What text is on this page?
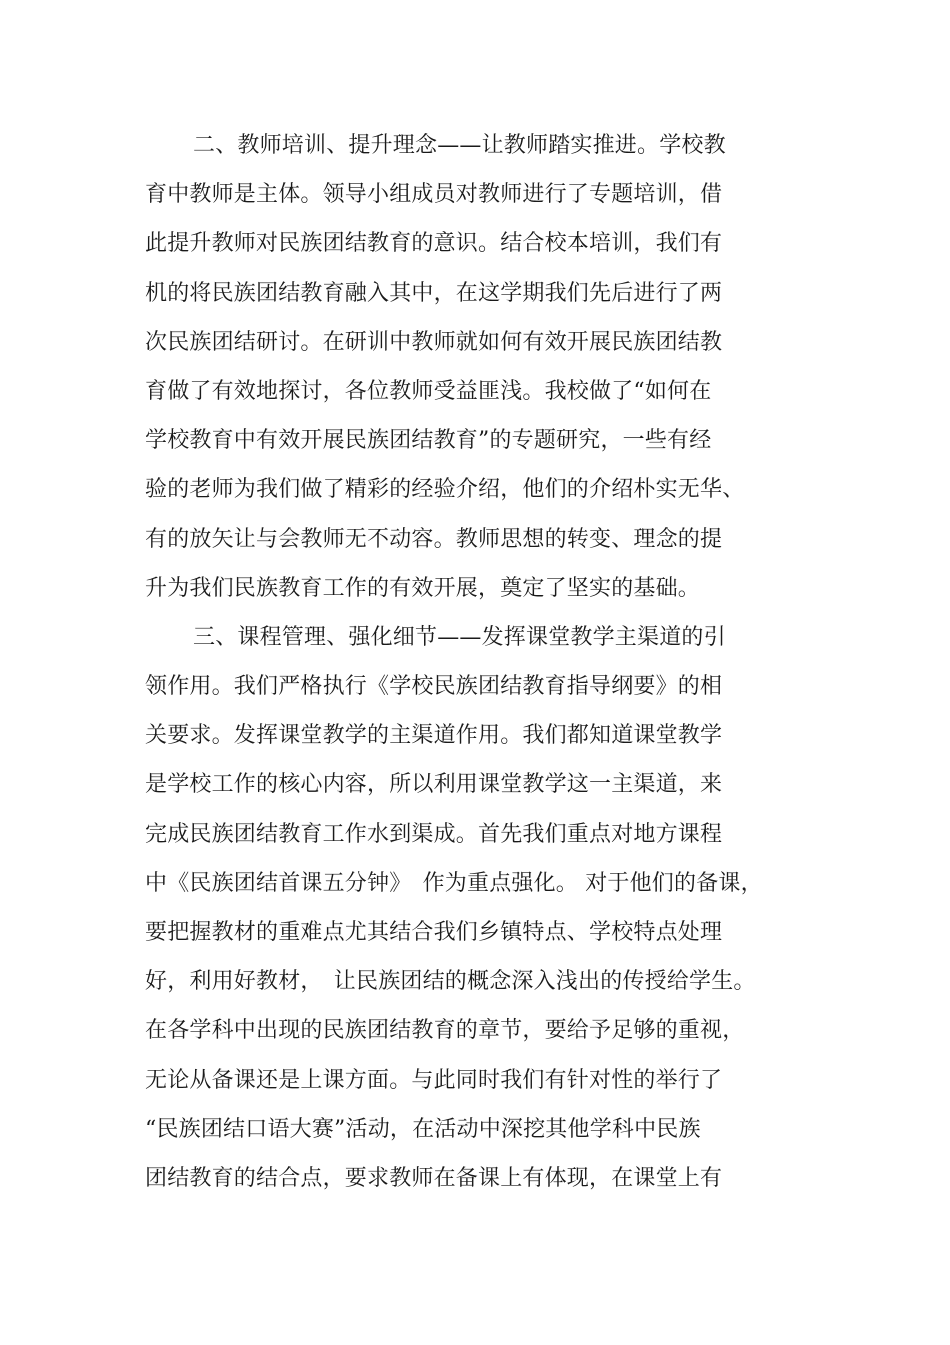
二、教师培训、提升理念——让教师踏实推进。学校教
育中教师是主体。领导小组成员对教师进行了专题培训，借
此提升教师对民族团结教育的意识。结合校本培训，我们有
机的将民族团结教育融入其中，在这学期我们先后进行了两
次民族团结研讨。在研训中教师就如何有效开展民族团结教
育做了有效地探讨，各位教师受益匪浅。我校做了“如何在
学校教育中有效开展民族团结教育”的专题研究，一些有经
验的老师为我们做了精彩的经验介绍，他们的介绍朴实无华、
有的放矢让与会教师无不动容。教师思想的转变、理念的提
升为我们民族教育工作的有效开展，奠定了坚实的基础。
三、课程管理、强化细节——发挥课堂教学主渠道的引
领作用。我们严格执行《学校民族团结教育指导纲要》的相
关要求。发挥课堂教学的主渠道作用。我们都知道课堂教学
是学校工作的核心内容，所以利用课堂教学这一主渠道，来
完成民族团结教育工作水到渠成。首先我们重点对地方课程
中《民族团结首课五分钟》　作为重点强化。 对于他们的备课，
要把握教材的重难点尤其结合我们乡镇特点、学校特点处理
好，利用好教材，　让民族团结的概念深入浅出的传授给学生。
在各学科中出现的民族团结教育的章节，要给予足够的重视，
无论从备课还是上课方面。与此同时我们有针对性的举行了
“民族团结口语大赛”活动，在活动中深挖其他学科中民族
团结教育的结合点，要求教师在备课上有体现，在课堂上有
